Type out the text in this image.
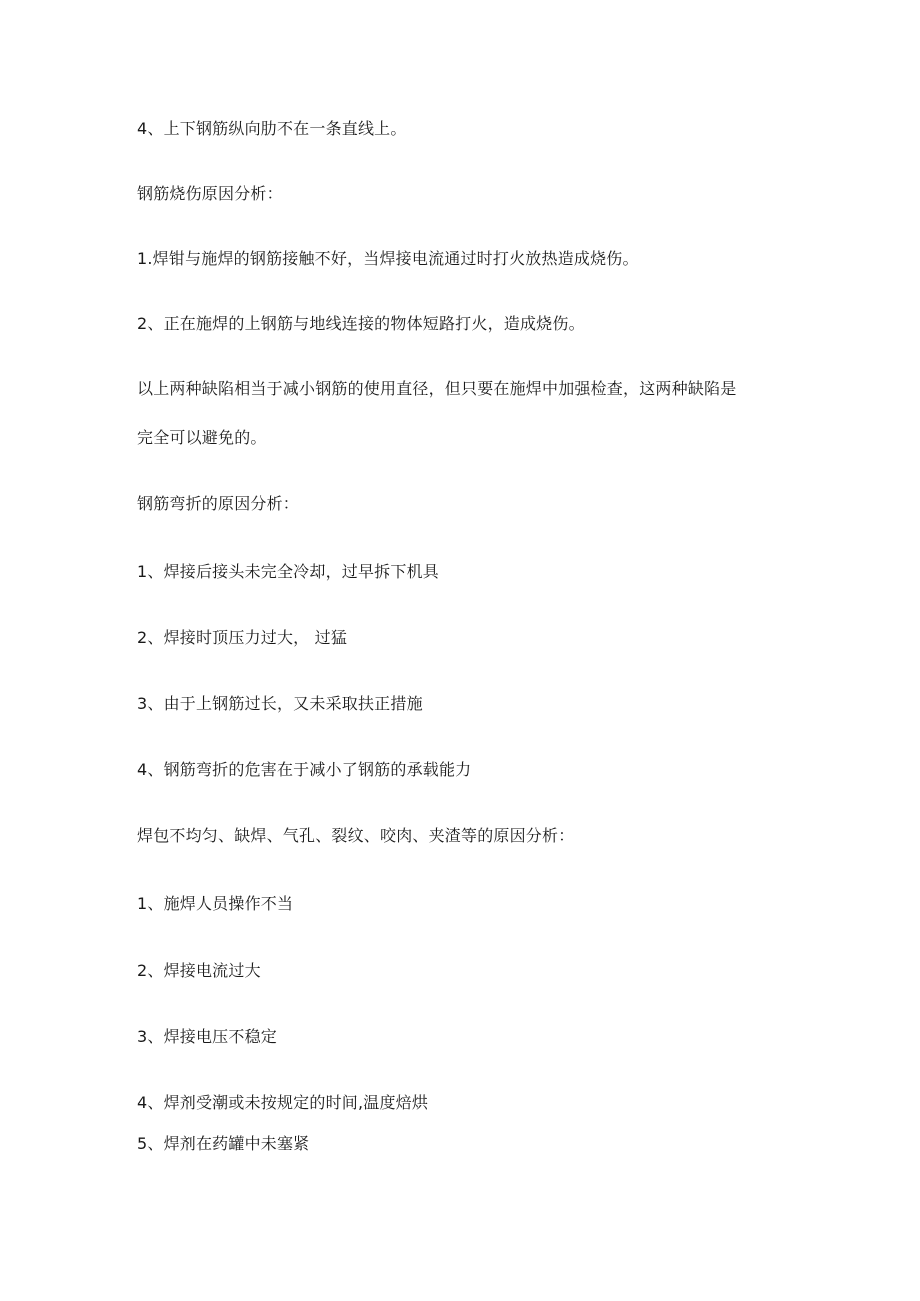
4、上下钢筋纵向肋不在一条直线上。
钢筋烧伤原因分析：
1.焊钳与施焊的钢筋接触不好，当焊接电流通过时打火放热造成烧伤。
2、正在施焊的上钢筋与地线连接的物体短路打火，造成烧伤。
以上两种缺陷相当于减小钢筋的使用直径，但只要在施焊中加强检查，这两种缺陷是
完全可以避免的。
钢筋弯折的原因分析：
1、焊接后接头未完全冷却，过早拆下机具
2、焊接时顶压力过大， 过猛
3、由于上钢筋过长，又未采取扶正措施
4、钢筋弯折的危害在于减小了钢筋的承载能力
焊包不均匀、缺焊、气孔、裂纹、咬肉、夹渣等的原因分析：
1、施焊人员操作不当
2、焊接电流过大
3、焊接电压不稳定
4、焊剂受潮或未按规定的时间,温度焙烘
5、焊剂在药罐中未塞紧
